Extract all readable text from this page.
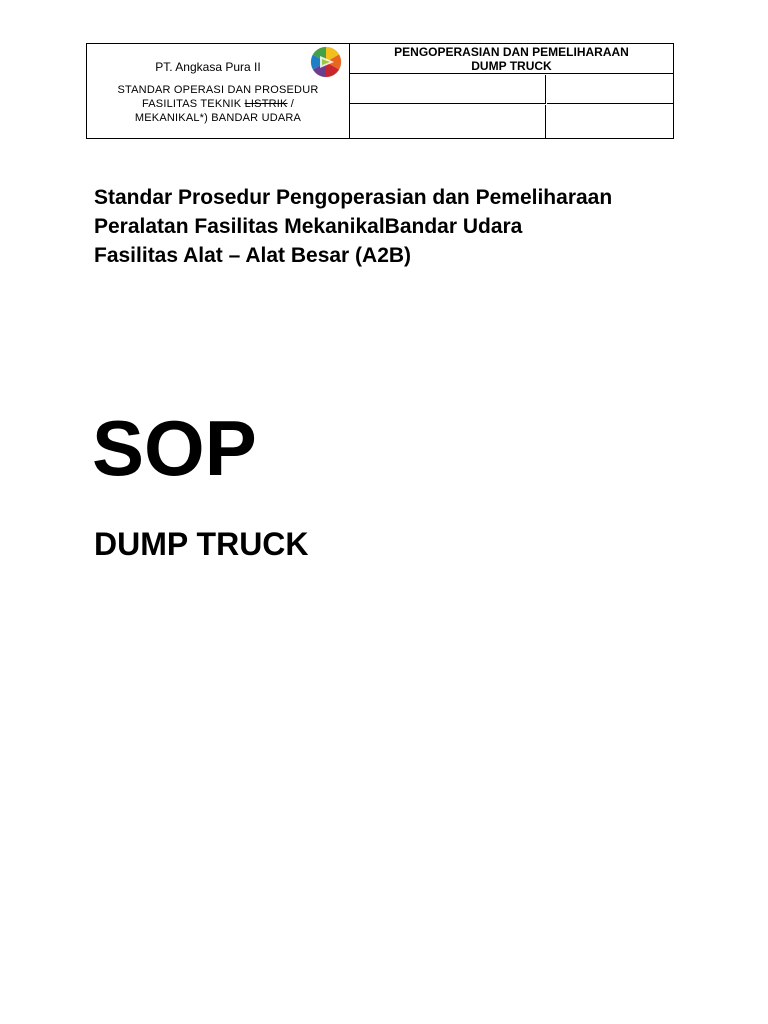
PT. Angkasa Pura II
STANDAR OPERASI DAN PROSEDUR
FASILITAS TEKNIK LISTRIK /
MEKANIKAL*) BANDAR UDARA
PENGOPERASIAN DAN PEMELIHARAAN
DUMP TRUCK
Standar Prosedur Pengoperasian dan Pemeliharaan
Peralatan Fasilitas MekanikalBandar Udara
Fasilitas Alat – Alat Besar (A2B)
SOP
DUMP TRUCK
